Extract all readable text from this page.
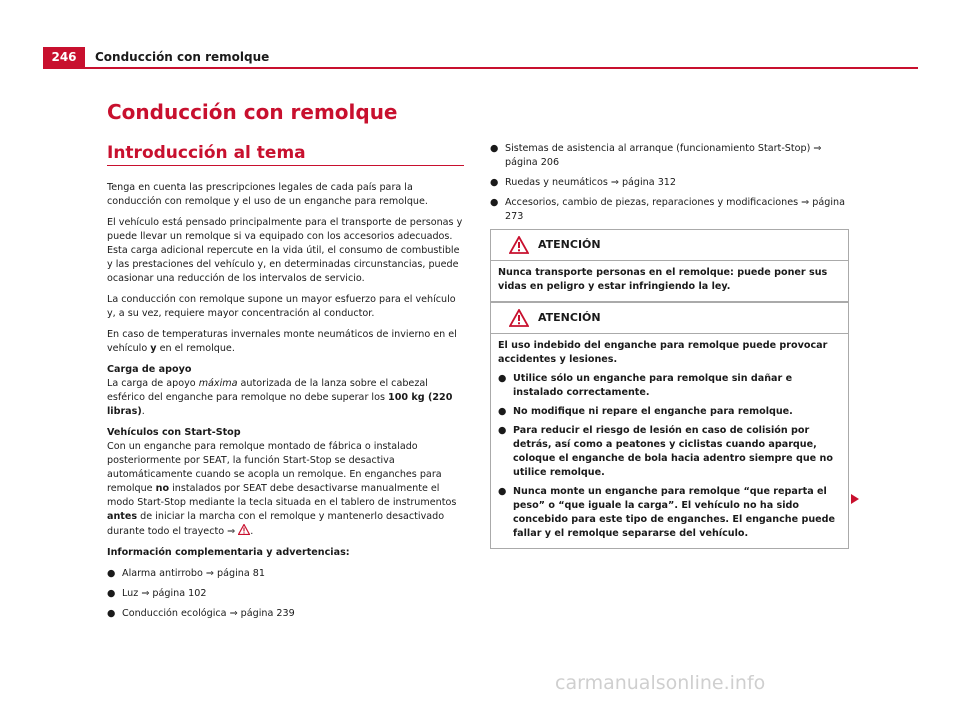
246	Conducción con remolque
Conducción con remolque
Introducción al tema

Tenga en cuenta las prescripciones legales de cada país para la conducción con remolque y el uso de un enganche para remolque.

El vehículo está pensado principalmente para el transporte de personas y puede llevar un remolque si va equipado con los accesorios adecuados. Esta carga adicional repercute en la vida útil, el consumo de combustible y las prestaciones del vehículo y, en determinadas circunstancias, puede ocasionar una reducción de los intervalos de servicio.

La conducción con remolque supone un mayor esfuerzo para el vehículo y, a su vez, requiere mayor concentración al conductor.

En caso de temperaturas invernales monte neumáticos de invierno en el vehículo y en el remolque.

Carga de apoyo

La carga de apoyo máxima autorizada de la lanza sobre el cabezal esférico del enganche para remolque no debe superar los 100 kg (220 libras).

Vehículos con Start-Stop

Con un enganche para remolque montado de fábrica o instalado posteriormente por SEAT, la función Start-Stop se desactiva automáticamente cuando se acopla un remolque. En enganches para remolque no instalados por SEAT debe desactivarse manualmente el modo Start-Stop mediante la tecla situada en el tablero de instrumentos antes de iniciar la marcha con el remolque y mantenerlo desactivado durante todo el trayecto ⇒ .

Información complementaria y advertencias:

● Alarma antirrobo ⇒ página 81
● Luz ⇒ página 102
● Conducción ecológica ⇒ página 239
● Sistemas de asistencia al arranque (funcionamiento Start-Stop) ⇒ página 206
● Ruedas y neumáticos ⇒ página 312
● Accesorios, cambio de piezas, reparaciones y modificaciones ⇒ página 273
ATENCIÓN

Nunca transporte personas en el remolque: puede poner sus vidas en peligro y estar infringiendo la ley.

ATENCIÓN

El uso indebido del enganche para remolque puede provocar accidentes y lesiones.

● Utilice sólo un enganche para remolque sin dañar e instalado correctamente.
● No modifique ni repare el enganche para remolque.
● Para reducir el riesgo de lesión en caso de colisión por detrás, así como a peatones y ciclistas cuando aparque, coloque el enganche de bola hacia adentro siempre que no utilice remolque.
● Nunca monte un enganche para remolque “que reparta el peso” o “que iguale la carga”. El vehículo no ha sido concebido para este tipo de enganches. El enganche puede fallar y el remolque separarse del vehículo.
carmanualsonline.info
